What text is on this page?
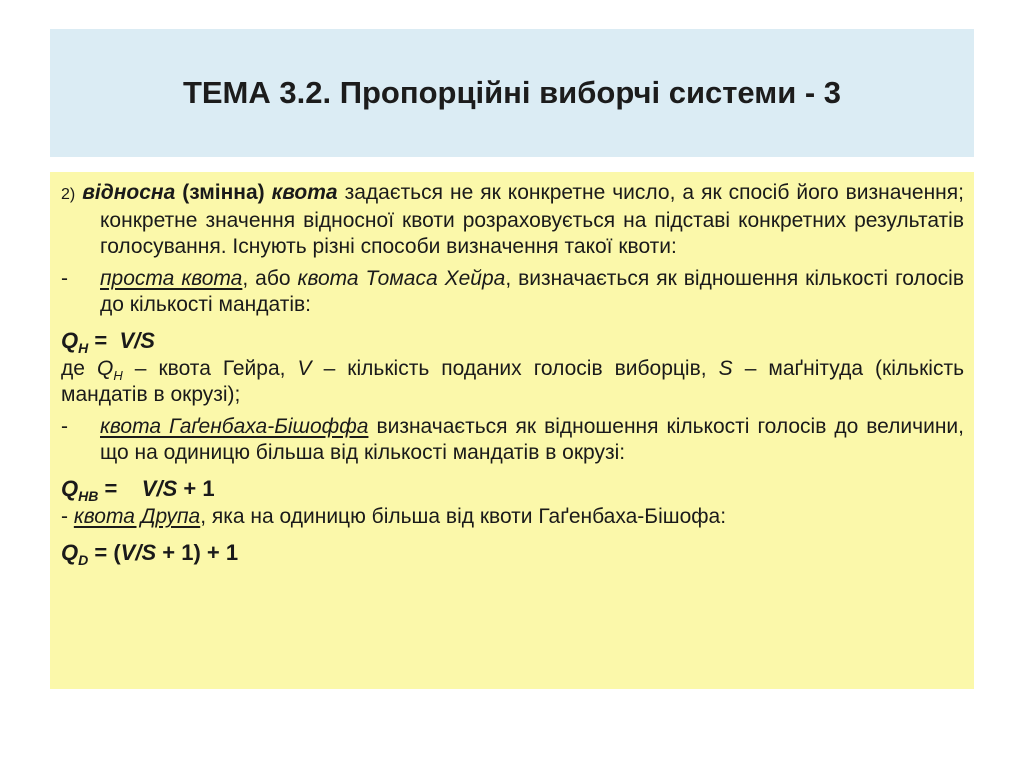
ТЕМА 3.2. Пропорційні виборчі системи - 3

2) відносна (змінна) квота задається не як конкретне число, а як спосіб його визначення; конкретне значення відносної квоти розраховується на підставі конкретних результатів голосування. Існують різні способи визначення такої квоти:

- проста квота, або квота Томаса Хейра, визначається як відношення кількості голосів до кількості мандатів:

$Q_H = V/S$

де $Q_H$ – квота Гейра, V – кількість поданих голосів виборців, S – маґнітуда (кількість мандатів в окрузі);

- квота Гаґенбаха-Бішоффа визначається як відношення кількості голосів до величини, що на одиницю більша від кількості мандатів в окрузі:

$Q_{HB} = V/S + 1$

- квота Друпа, яка на одиницю більша від квоти Гаґенбаха-Бішофа:

$Q_D = (V/S + 1) + 1$
